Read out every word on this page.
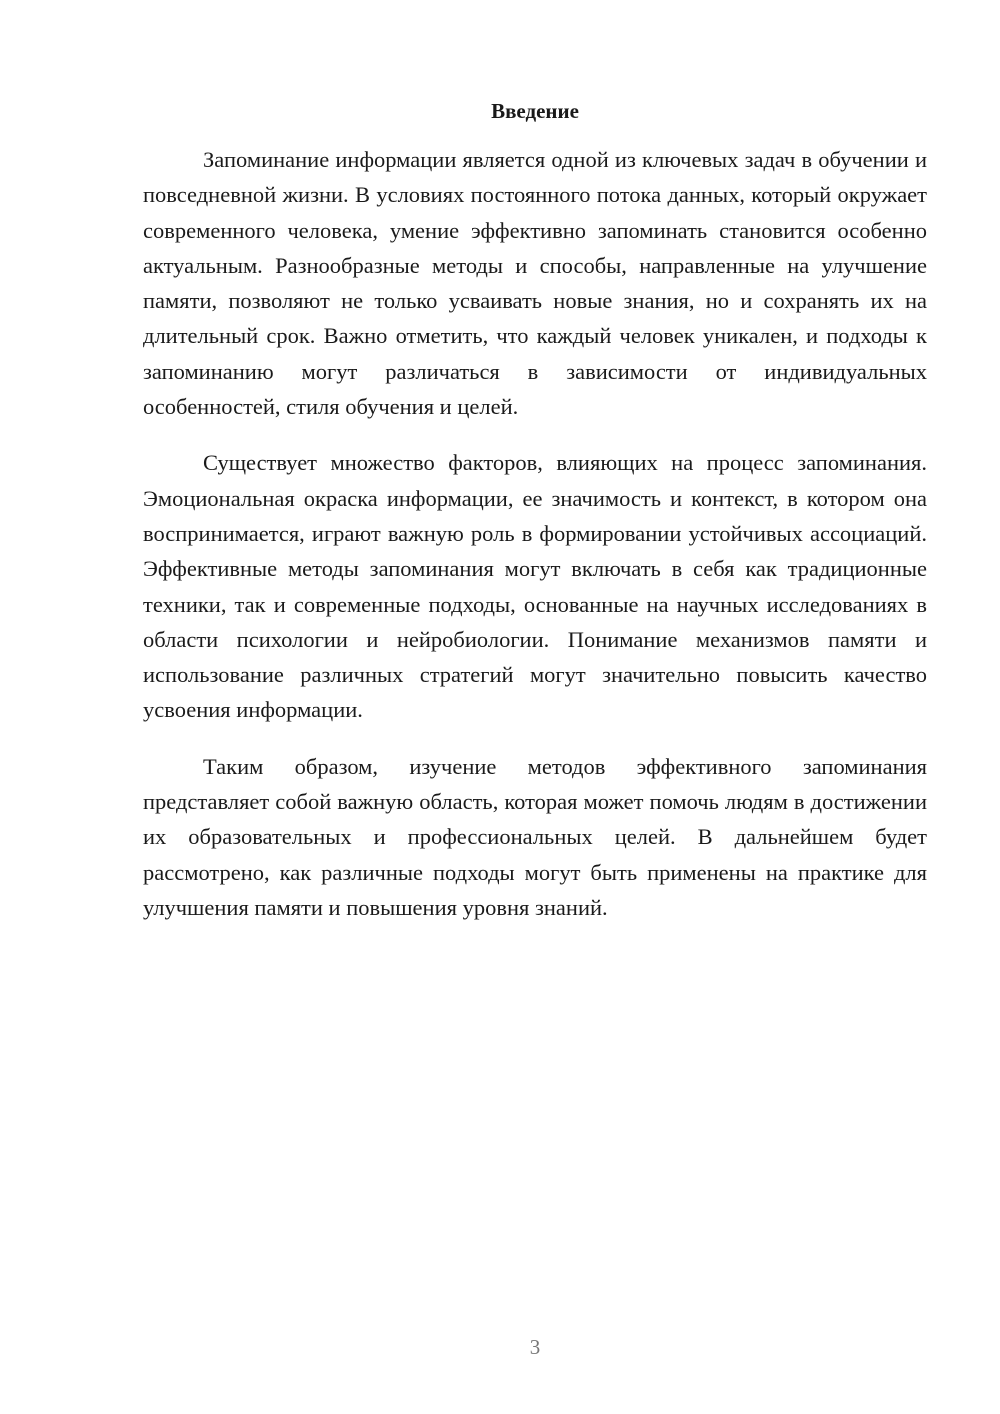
Введение

Запоминание информации является одной из ключевых задач в обучении и повседневной жизни. В условиях постоянного потока данных, который окружает современного человека, умение эффективно запоминать становится особенно актуальным. Разнообразные методы и способы, направленные на улучшение памяти, позволяют не только усваивать новые знания, но и сохранять их на длительный срок. Важно отметить, что каждый человек уникален, и подходы к запоминанию могут различаться в зависимости от индивидуальных особенностей, стиля обучения и целей.

Существует множество факторов, влияющих на процесс запоминания. Эмоциональная окраска информации, ее значимость и контекст, в котором она воспринимается, играют важную роль в формировании устойчивых ассоциаций. Эффективные методы запоминания могут включать в себя как традиционные техники, так и современные подходы, основанные на научных исследованиях в области психологии и нейробиологии. Понимание механизмов памяти и использование различных стратегий могут значительно повысить качество усвоения информации.

Таким образом, изучение методов эффективного запоминания представляет собой важную область, которая может помочь людям в достижении их образовательных и профессиональных целей. В дальнейшем будет рассмотрено, как различные подходы могут быть применены на практике для улучшения памяти и повышения уровня знаний.

3
